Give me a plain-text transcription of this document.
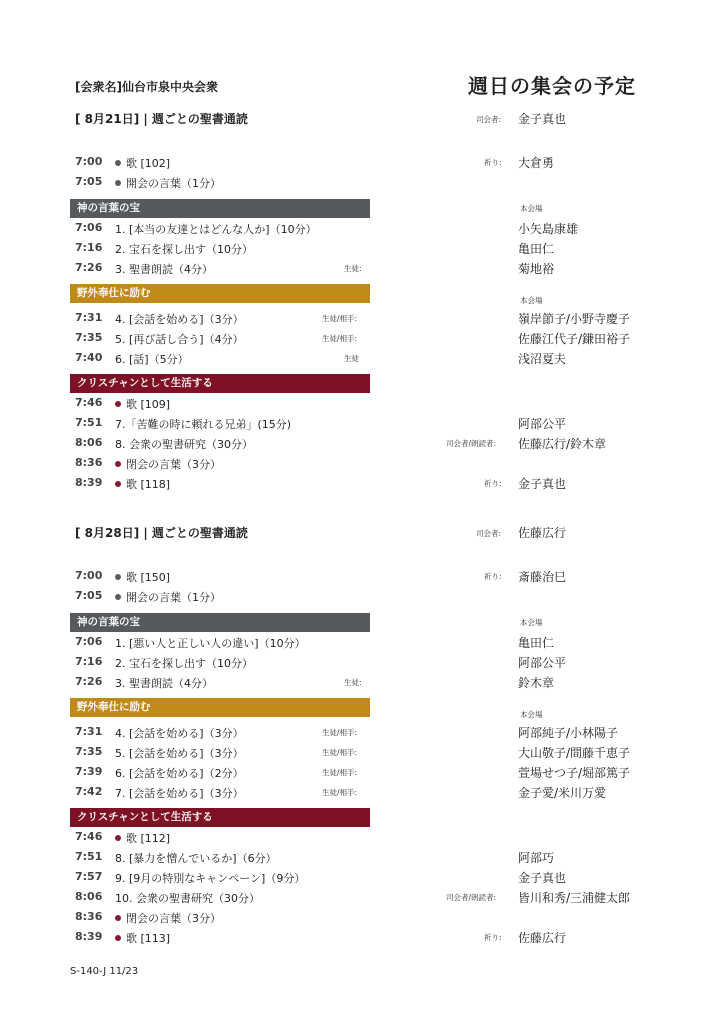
[会衆名]仙台市泉中央会衆	週日の集会の予定
[ 8月21日] | 週ごとの聖書通読	司会者: 金子真也
7:00	歌 [102]	祈り: 大倉勇
7:05	開会の言葉（1分）
神の言葉の宝	本会場
7:06 1. [本当の友達とはどんな人か]（10分）	小矢島康雄
7:16 2. 宝石を探し出す（10分）	亀田仁
7:26 3. 聖書朗読（4分）	生徒:	菊地裕
野外奉仕に励む
本会場
7:31 4. [会話を始める]（3分）	生徒/相手:	嶺岸節子/小野寺慶子
7:35 5. [再び話し合う]（4分）	生徒/相手:	佐藤江代子/鎌田裕子
7:40 6. [話]（5分）	生徒	浅沼夏夫
クリスチャンとして生活する
7:46	歌 [109]
7:51 7.「苦難の時に頼れる兄弟」(15分)	阿部公平
8:06 8. 会衆の聖書研究（30分）	司会者/朗読者: 佐藤広行/鈴木章
8:36	閉会の言葉（3分）
8:39	歌 [118]	祈り: 金子真也
[ 8月28日] | 週ごとの聖書通読	司会者: 佐藤広行
7:00	歌 [150]	祈り: 斎藤治巳
7:05	開会の言葉（1分）
神の言葉の宝	本会場
7:06 1. [悪い人と正しい人の違い]（10分）	亀田仁
7:16 2. 宝石を探し出す（10分）	阿部公平
7:26 3. 聖書朗読（4分）	生徒:	鈴木章
野外奉仕に励む
本会場
7:31 4. [会話を始める]（3分）	生徒/相手:	阿部純子/小林陽子
7:35 5. [会話を始める]（3分）	生徒/相手:	大山敬子/間藤千恵子
7:39 6. [会話を始める]（2分）	生徒/相手:	萱場せつ子/堀部篤子
7:42 7. [会話を始める]（3分）	生徒/相手:	金子愛/米川万愛
クリスチャンとして生活する
7:46	歌 [112]
7:51 8. [暴力を憎んでいるか]（6分）	阿部巧
7:57 9. [9月の特別なキャンペーン]（9分）	金子真也
8:06 10. 会衆の聖書研究（30分）	司会者/朗読者: 皆川和秀/三浦健太郎
8:36	閉会の言葉（3分）
8:39	歌 [113]	祈り: 佐藤広行
S-140-J 11/23
